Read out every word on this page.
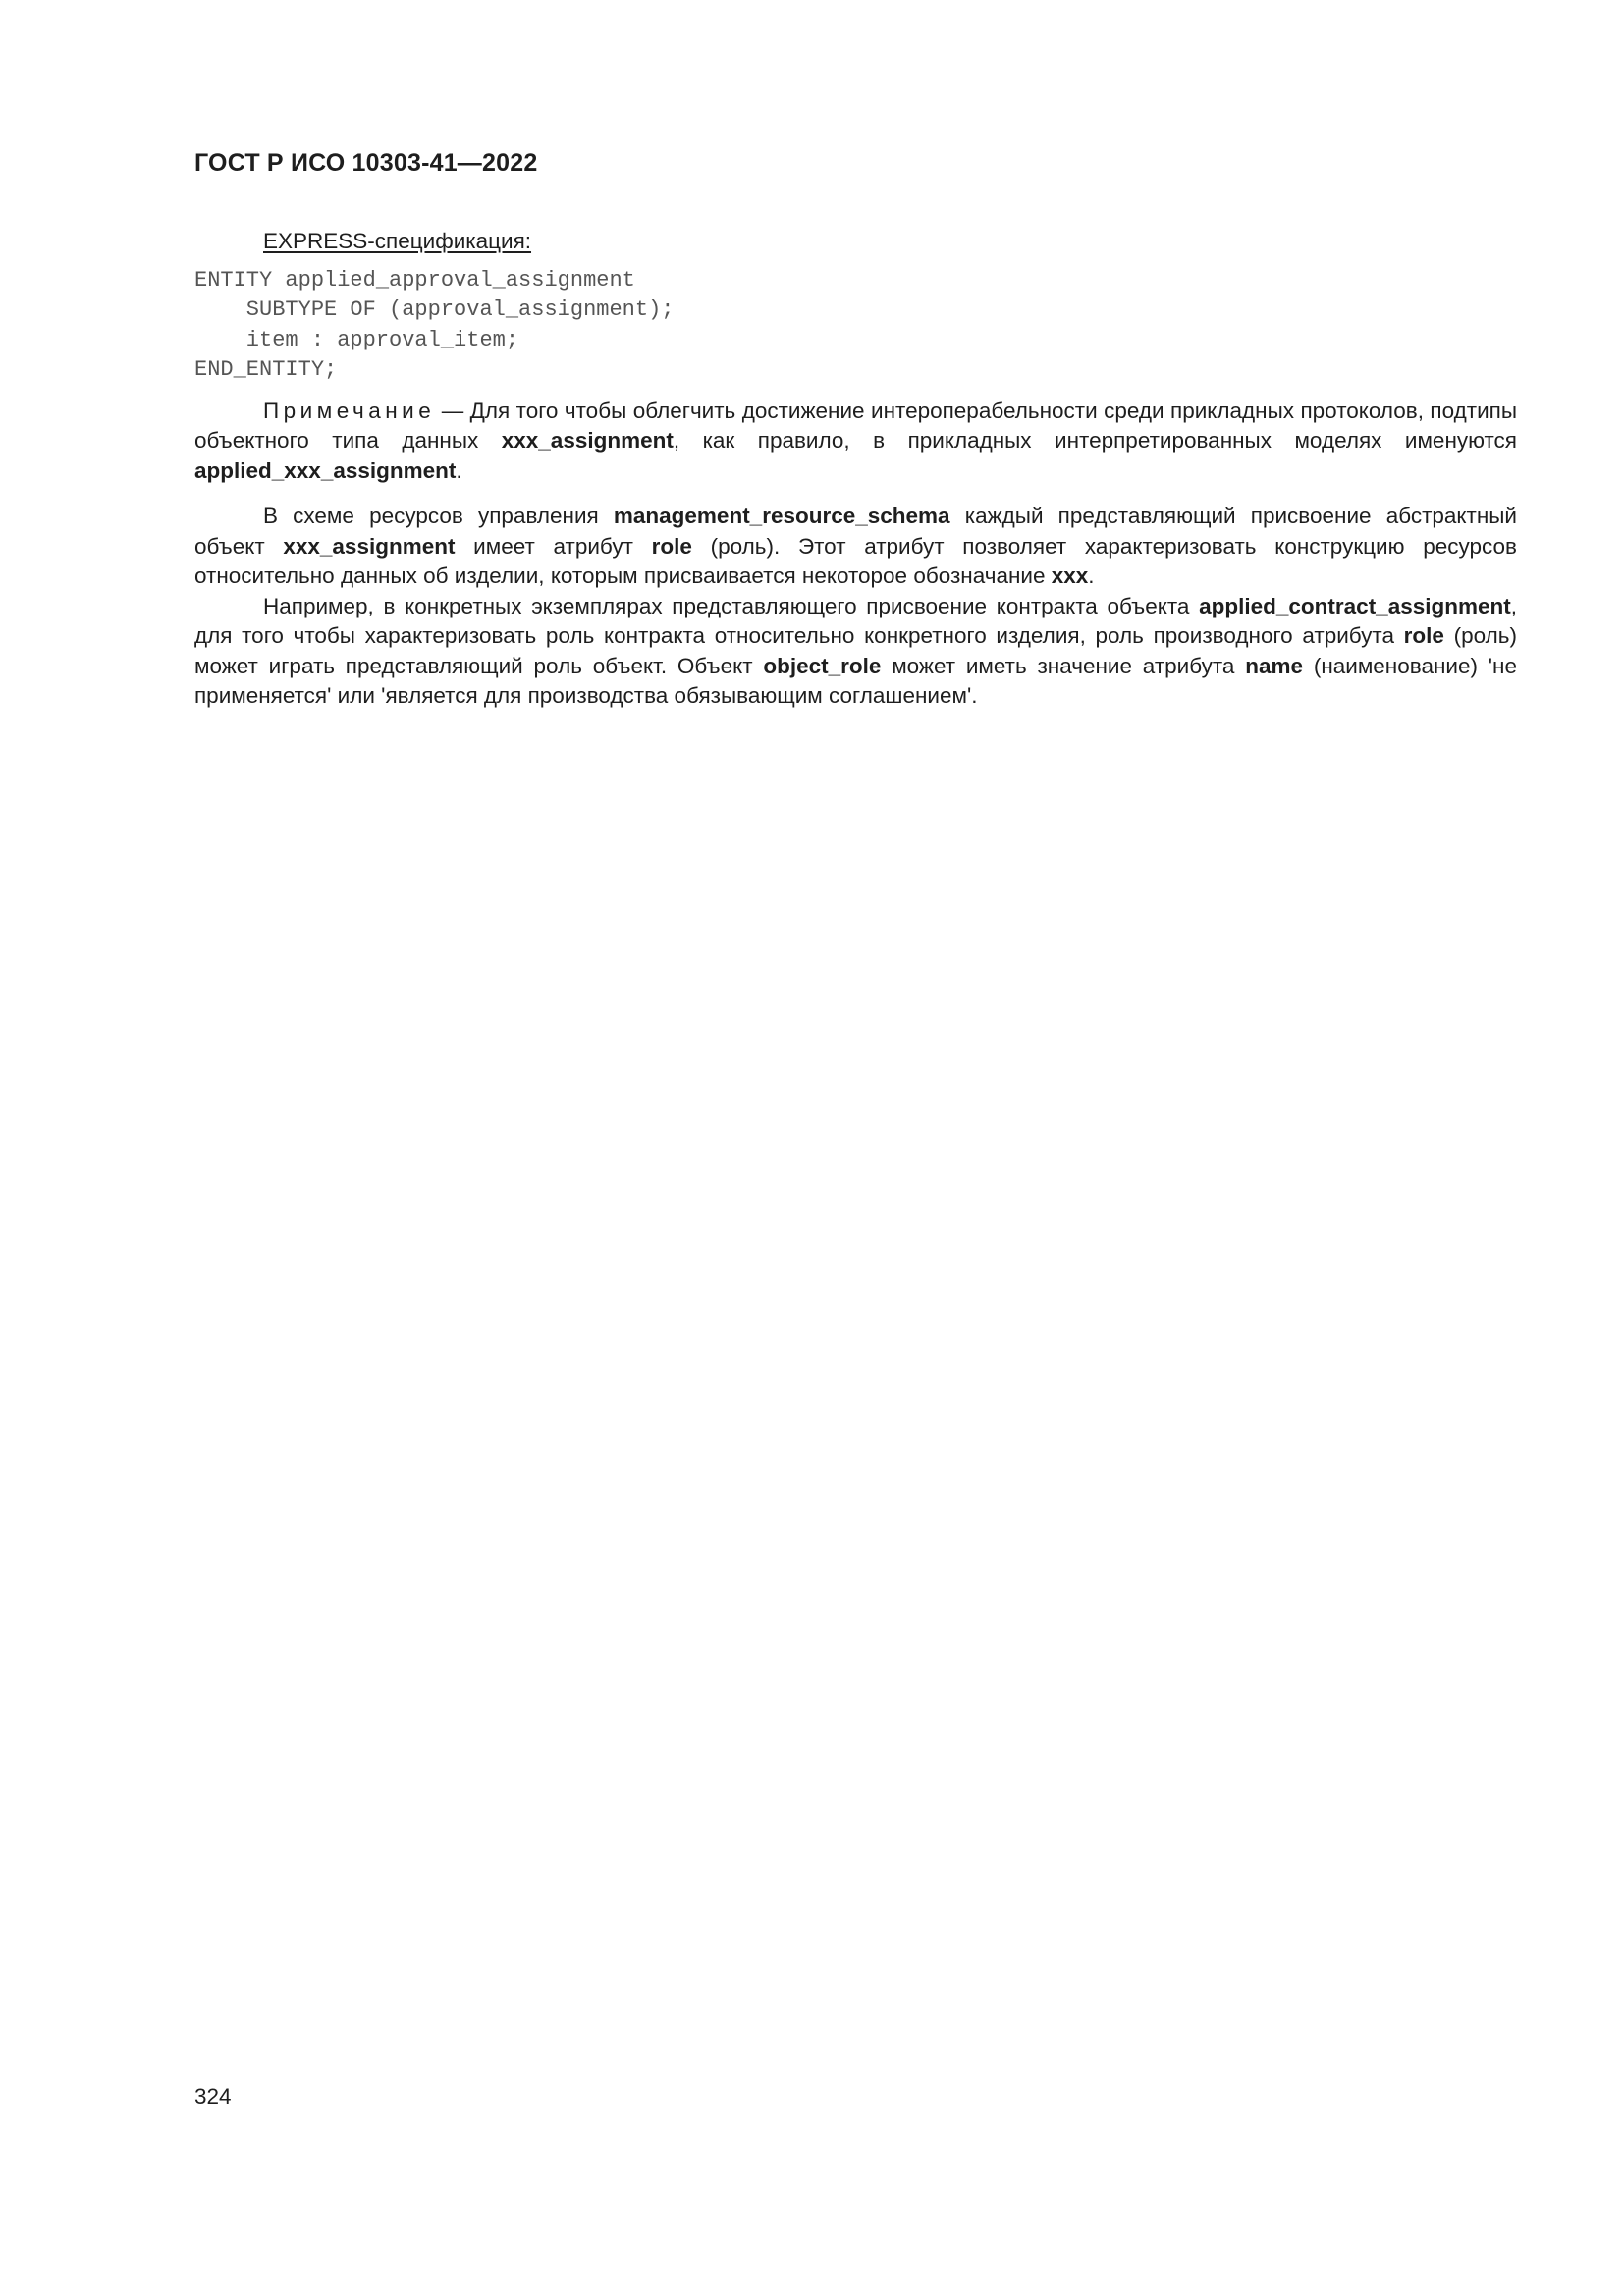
ГОСТ Р ИСО 10303-41—2022

EXPRESS-спецификация:

ENTITY applied_approval_assignment
SUBTYPE OF (approval_assignment);
item : approval_item;
END_ENTITY;

Примечание — Для того чтобы облегчить достижение интероперабельности среди прикладных протоколов, подтипы объектного типа данных xxx_assignment, как правило, в прикладных интерпретированных моделях именуются applied_xxx_assignment.

В схеме ресурсов управления management_resource_schema каждый представляющий присвоение абстрактный объект xxx_assignment имеет атрибут role (роль). Этот атрибут позволяет характеризовать конструкцию ресурсов относительно данных об изделии, которым присваивается некоторое обозначание xxx.

Например, в конкретных экземплярах представляющего присвоение контракта объекта applied_contract_assignment, для того чтобы характеризовать роль контракта относительно конкретного изделия, роль производного атрибута role (роль) может играть представляющий роль объект. Объект object_role может иметь значение атрибута name (наименование) 'не применяется' или 'является для производства обязывающим соглашением'.

324
